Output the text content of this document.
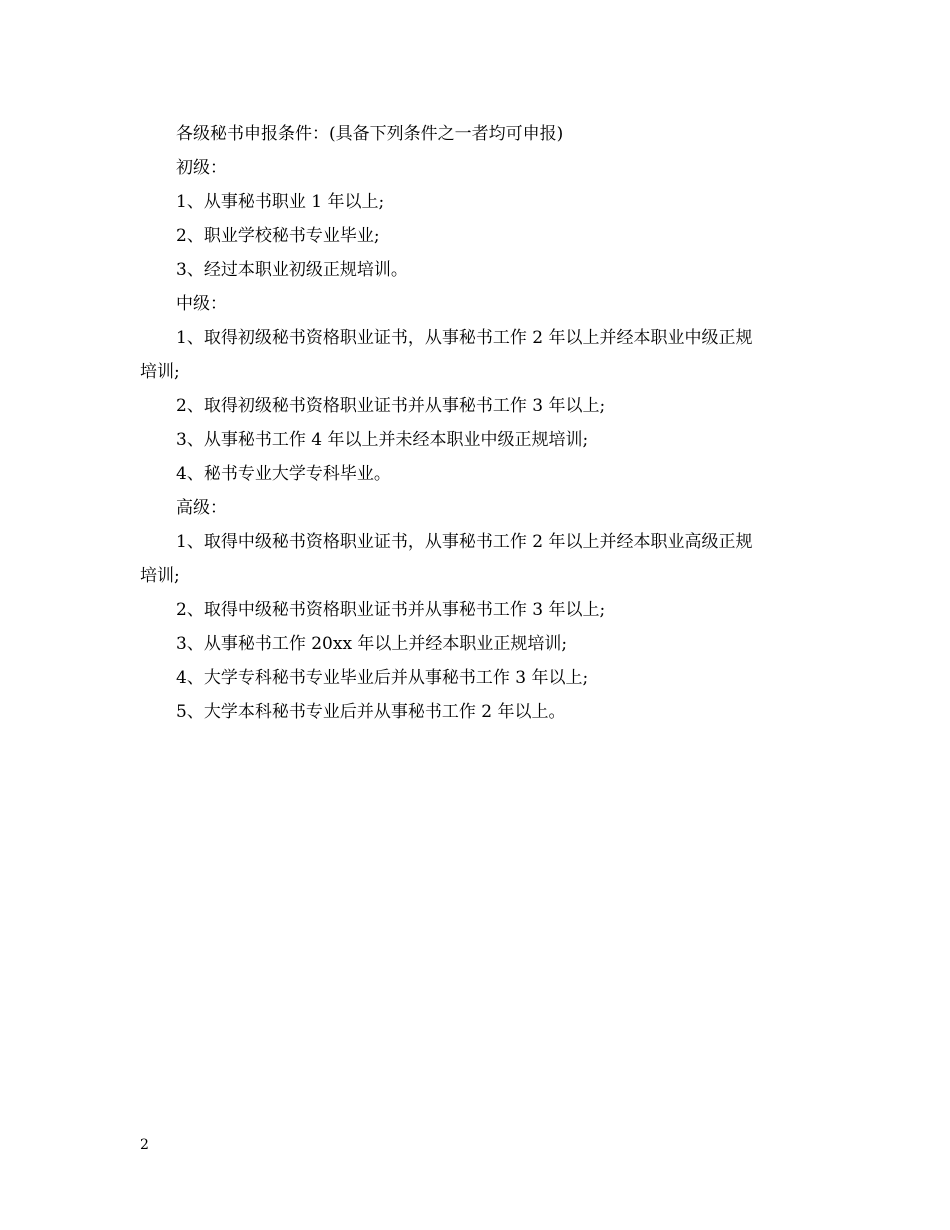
各级秘书申报条件：(具备下列条件之一者均可申报)

初级：

1、从事秘书职业 1 年以上;

2、职业学校秘书专业毕业;

3、经过本职业初级正规培训。

中级：

1、取得初级秘书资格职业证书，从事秘书工作 2 年以上并经本职业中级正规

培训;

2、取得初级秘书资格职业证书并从事秘书工作 3 年以上;

3、从事秘书工作 4 年以上并未经本职业中级正规培训;

4、秘书专业大学专科毕业。

高级：

1、取得中级秘书资格职业证书，从事秘书工作 2 年以上并经本职业高级正规

培训;

2、取得中级秘书资格职业证书并从事秘书工作 3 年以上;

3、从事秘书工作 20xx 年以上并经本职业正规培训;

4、大学专科秘书专业毕业后并从事秘书工作 3 年以上;

5、大学本科秘书专业后并从事秘书工作 2 年以上。

2
